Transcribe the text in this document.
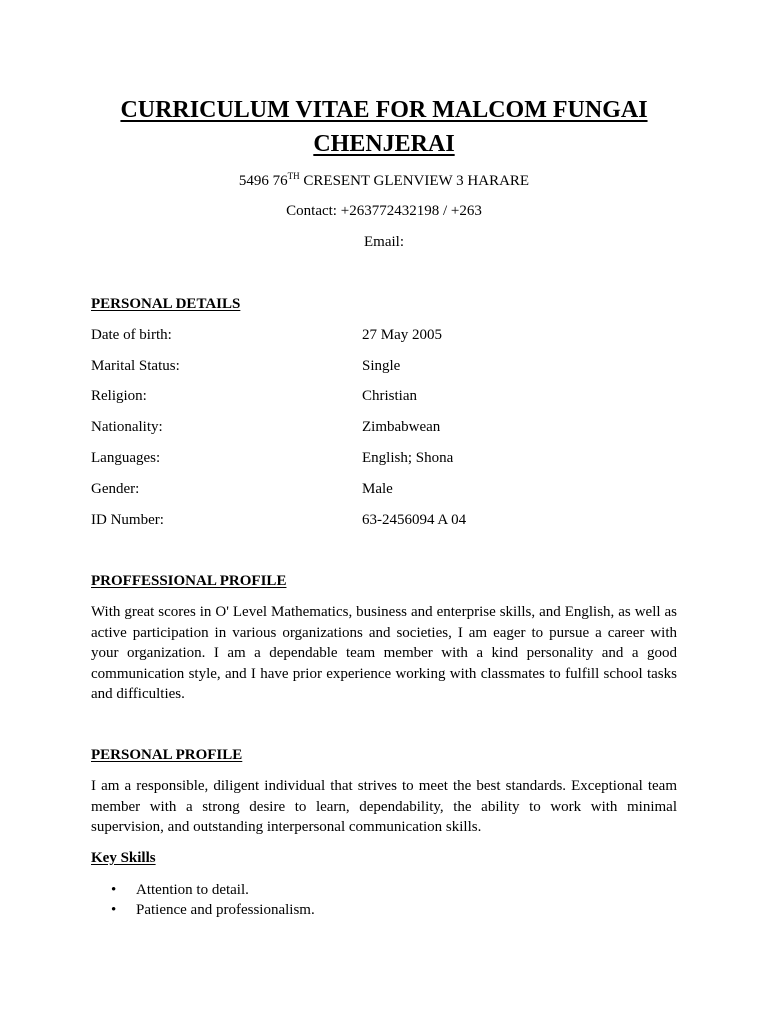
CURRICULUM VITAE FOR MALCOM FUNGAI CHENJERAI
5496 76TH CRESENT GLENVIEW 3 HARARE
Contact: +263772432198 / +263
Email:
PERSONAL DETAILS
Date of birth:	27 May 2005
Marital Status:	Single
Religion:	Christian
Nationality:	Zimbabwean
Languages:	English; Shona
Gender:	Male
ID Number:	63-2456094 A 04
PROFFESSIONAL PROFILE
With great scores in O' Level Mathematics, business and enterprise skills, and English, as well as active participation in various organizations and societies, I am eager to pursue a career with your organization. I am a dependable team member with a kind personality and a good communication style, and I have prior experience working with classmates to fulfill school tasks and difficulties.
PERSONAL PROFILE
I am a responsible, diligent individual that strives to meet the best standards. Exceptional team member with a strong desire to learn, dependability, the ability to work with minimal supervision, and outstanding interpersonal communication skills.
Key Skills
• Attention to detail.
• Patience and professionalism.
